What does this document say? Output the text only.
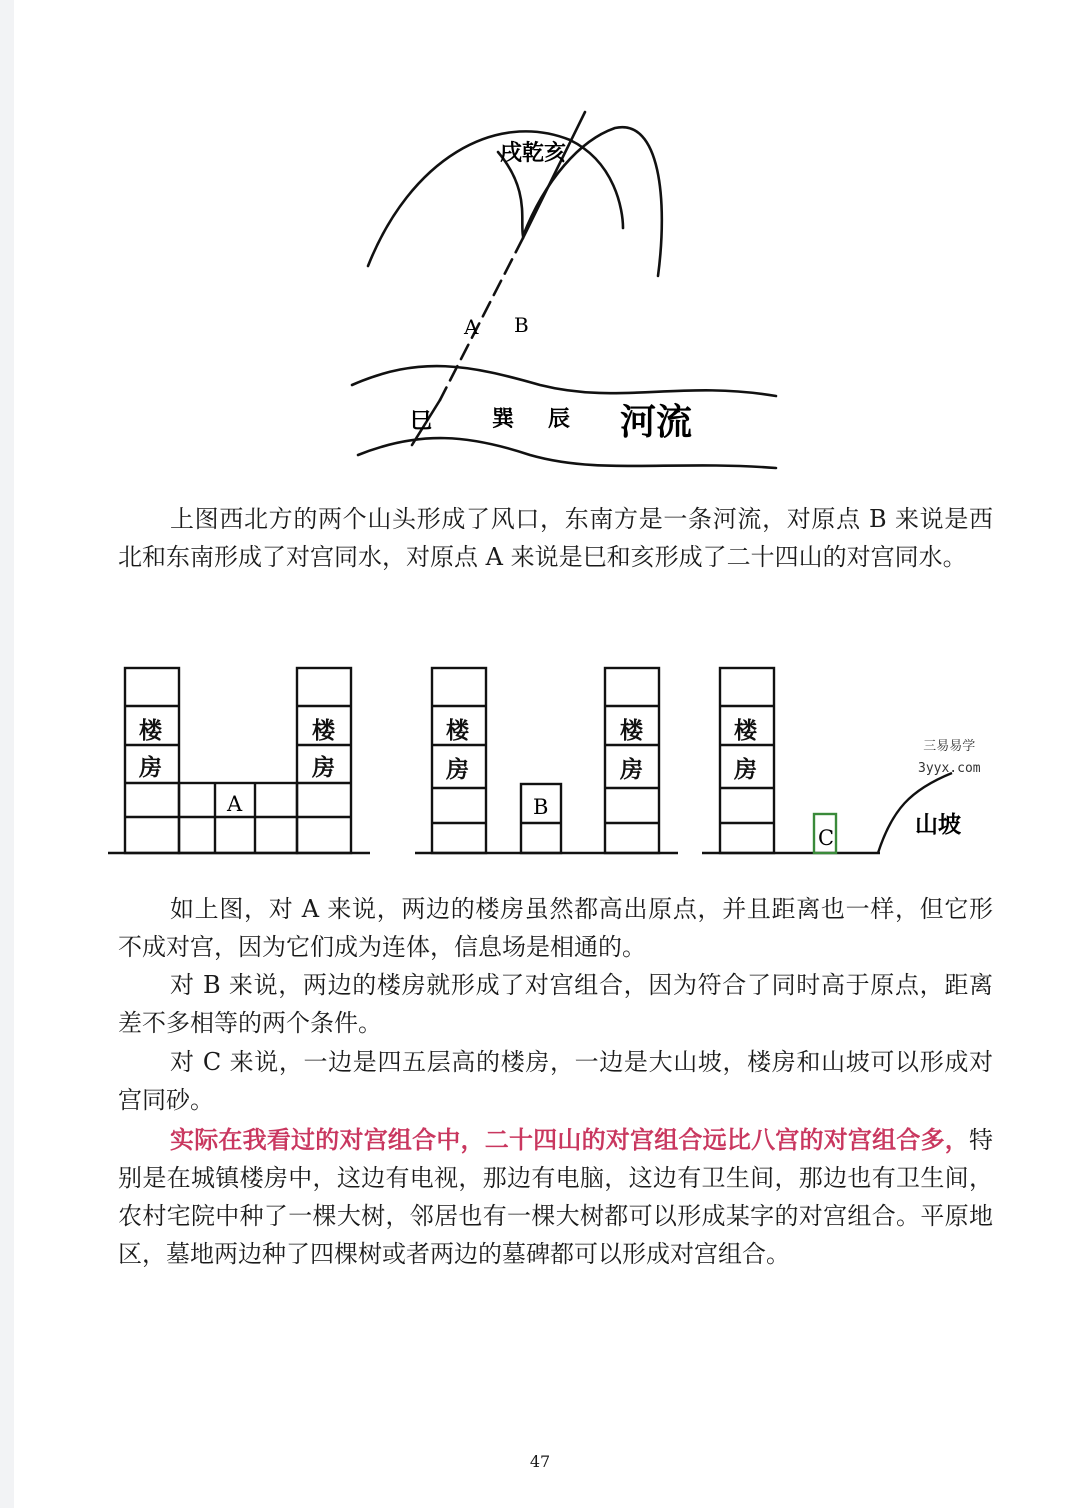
戌乾亥
A B
巳	巽 辰 河流

上图西北方的两个山头形成了风口，东南方是一条河流，对原点 B 来说是西北和东南形成了对宫同水，对原点 A 来说是巳和亥形成了二十四山的对宫同水。

楼
房
楼
房
楼
房
楼
房
楼
房
A	B
C	山坡
三易易学
3yyx.com

如上图，对 A 来说，两边的楼房虽然都高出原点，并且距离也一样，但它形不成对宫，因为它们成为连体，信息场是相通的。

对 B 来说，两边的楼房就形成了对宫组合，因为符合了同时高于原点，距离差不多相等的两个条件。

对 C 来说，一边是四五层高的楼房，一边是大山坡，楼房和山坡可以形成对宫同砂。

实际在我看过的对宫组合中，二十四山的对宫组合远比八宫的对宫组合多，特别是在城镇楼房中，这边有电视，那边有电脑，这边有卫生间，那边也有卫生间，农村宅院中种了一棵大树，邻居也有一棵大树都可以形成某字的对宫组合。平原地区，墓地两边种了四棵树或者两边的墓碑都可以形成对宫组合。

47
